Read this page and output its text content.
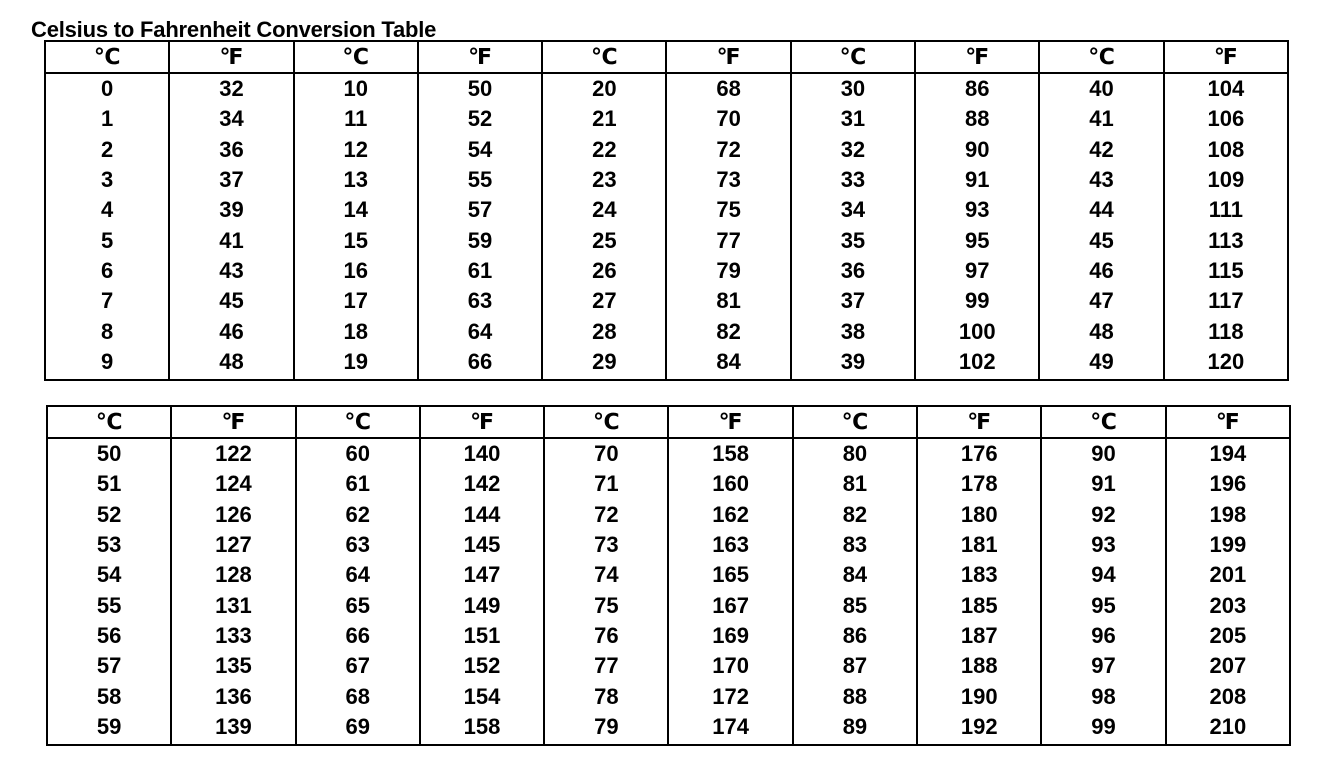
Celsius to Fahrenheit Conversion Table
℃	℉	℃	℉	℃	℉	℃	℉	℃	℉
0	32	10	50	20	68	30	86	40	104
1	34	11	52	21	70	31	88	41	106
2	36	12	54	22	72	32	90	42	108
3	37	13	55	23	73	33	91	43	109
4	39	14	57	24	75	34	93	44	111
5	41	15	59	25	77	35	95	45	113
6	43	16	61	26	79	36	97	46	115
7	45	17	63	27	81	37	99	47	117
8	46	18	64	28	82	38	100	48	118
9	48	19	66	29	84	39	102	49	120
℃	℉	℃	℉	℃	℉	℃	℉	℃	℉
50	122	60	140	70	158	80	176	90	194
51	124	61	142	71	160	81	178	91	196
52	126	62	144	72	162	82	180	92	198
53	127	63	145	73	163	83	181	93	199
54	128	64	147	74	165	84	183	94	201
55	131	65	149	75	167	85	185	95	203
56	133	66	151	76	169	86	187	96	205
57	135	67	152	77	170	87	188	97	207
58	136	68	154	78	172	88	190	98	208
59	139	69	158	79	174	89	192	99	210
